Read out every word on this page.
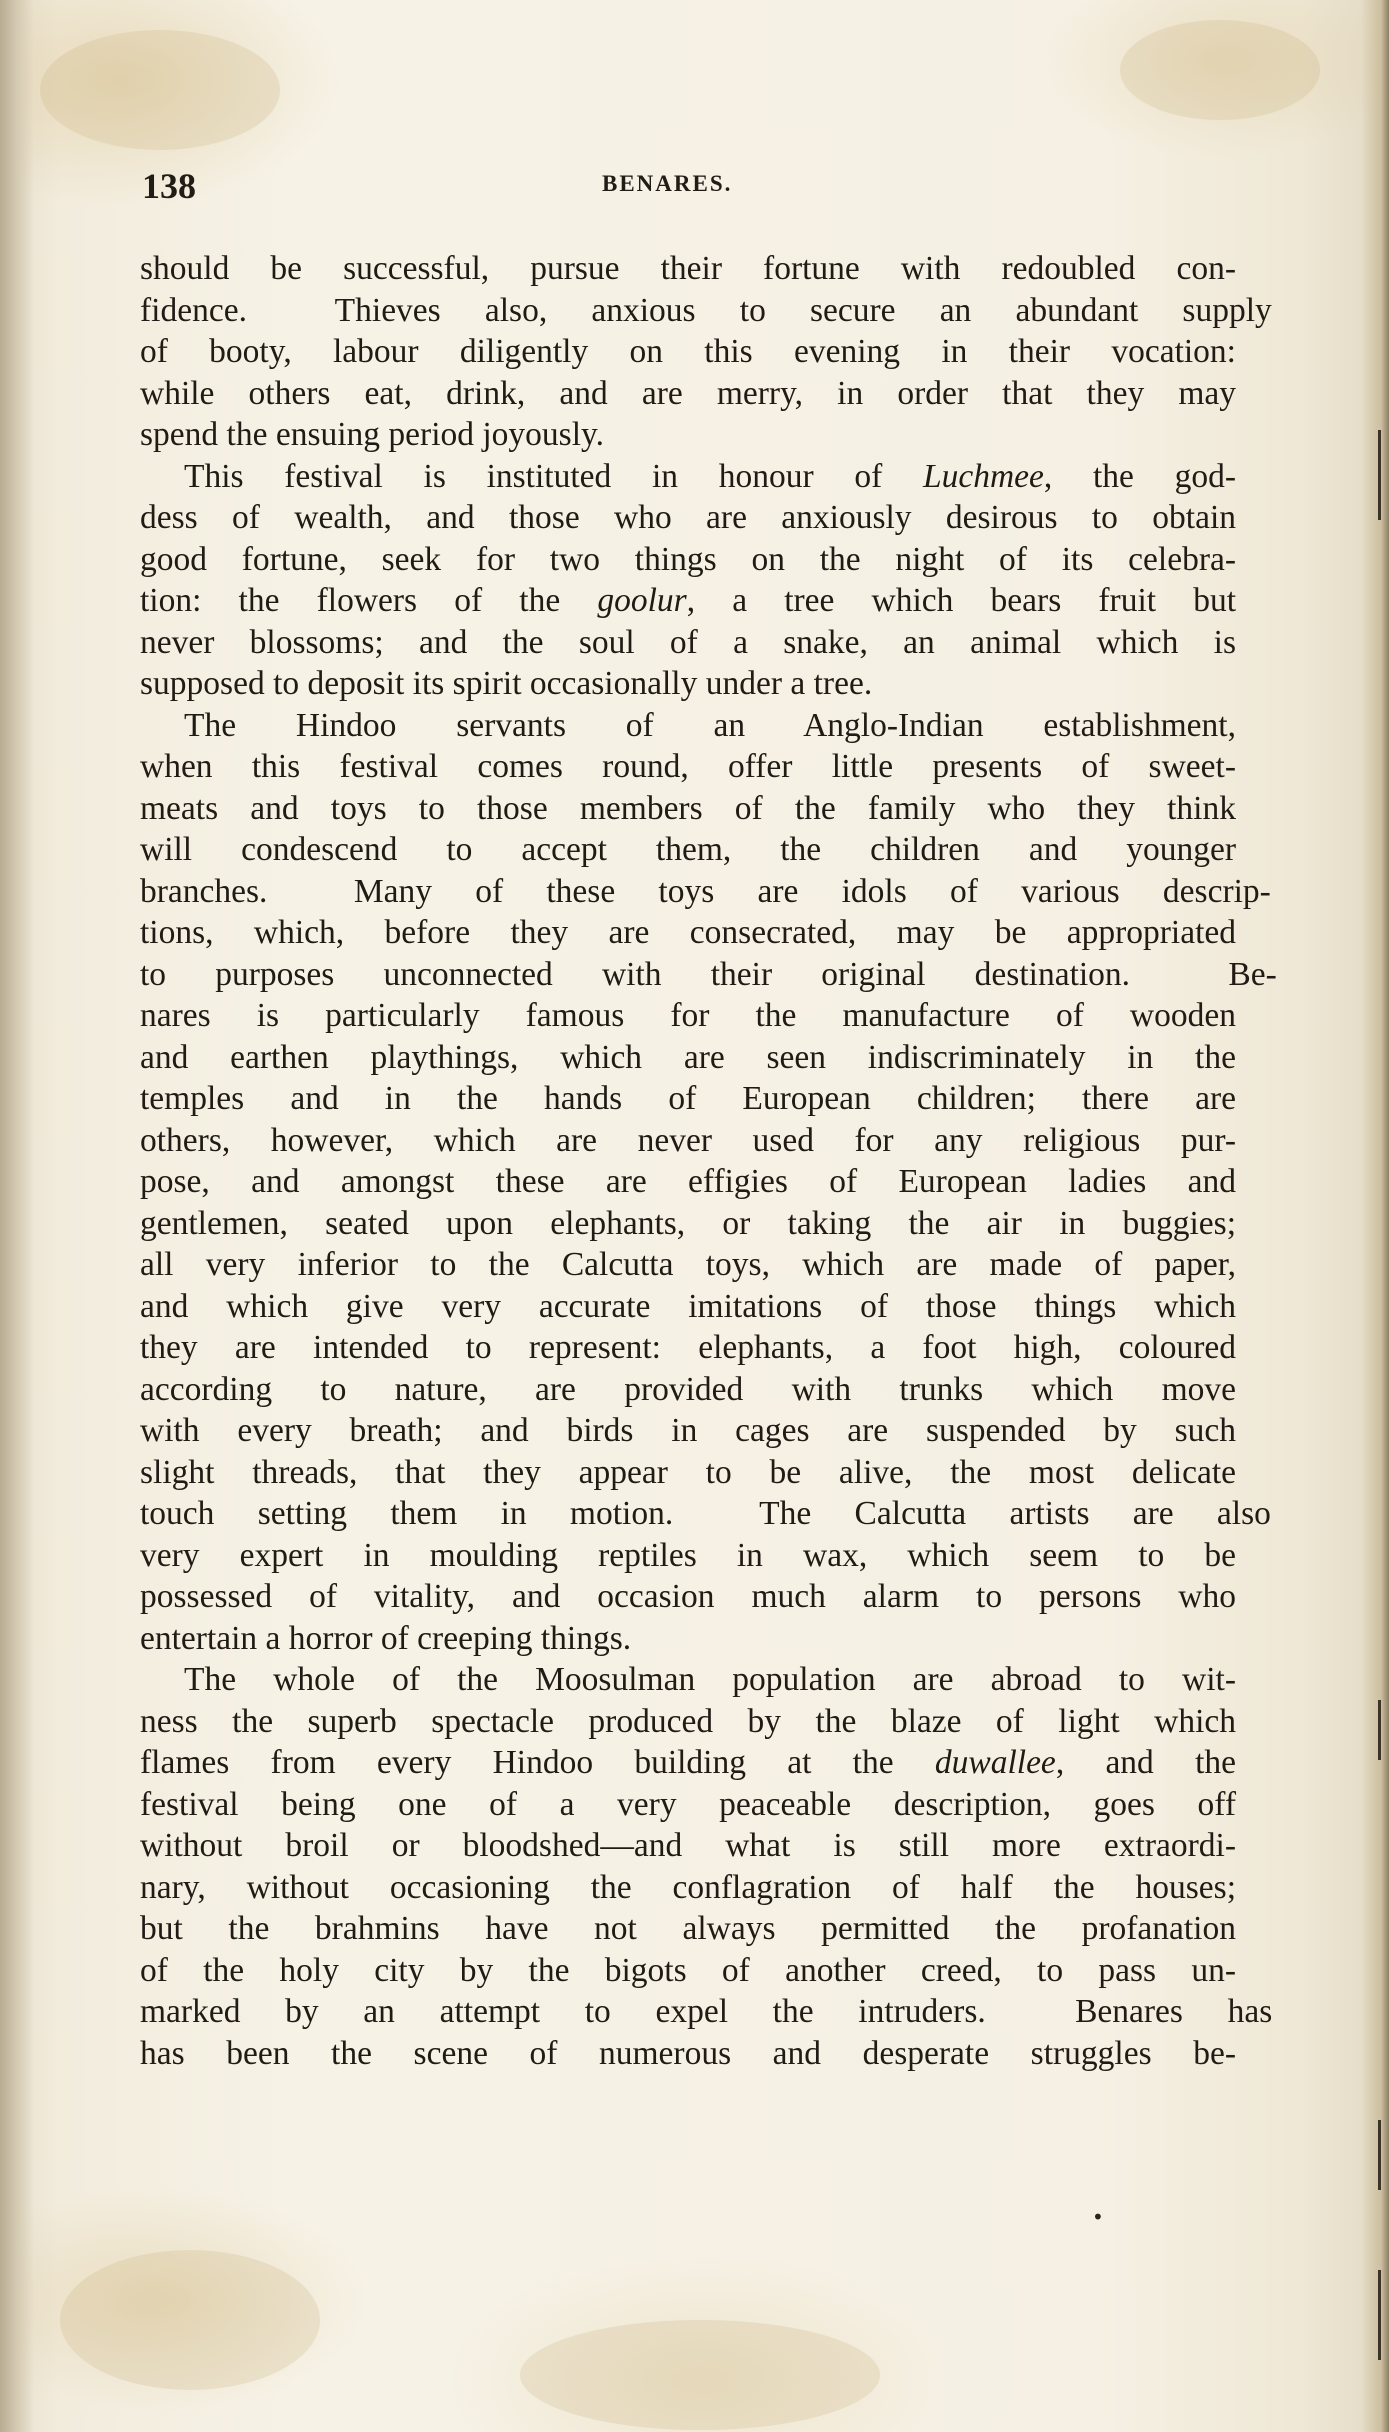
138	BENARES.
should be successful, pursue their fortune with redoubled con-
fidence.  Thieves also, anxious to secure an abundant supply
of booty, labour diligently on this evening in their vocation:
while others eat, drink, and are merry, in order that they may
spend the ensuing period joyously.
This festival is instituted in honour of Luchmee, the god-
dess of wealth, and those who are anxiously desirous to obtain
good fortune, seek for two things on the night of its celebra-
tion: the flowers of the goolur, a tree which bears fruit but
never blossoms; and the soul of a snake, an animal which is
supposed to deposit its spirit occasionally under a tree.
The Hindoo servants of an Anglo-Indian establishment,
when this festival comes round, offer little presents of sweet-
meats and toys to those members of the family who they think
will condescend to accept them, the children and younger
branches.  Many of these toys are idols of various descrip-
tions, which, before they are consecrated, may be appropriated
to purposes unconnected with their original destination.  Be-
nares is particularly famous for the manufacture of wooden
and earthen playthings, which are seen indiscriminately in the
temples and in the hands of European children; there are
others, however, which are never used for any religious pur-
pose, and amongst these are effigies of European ladies and
gentlemen, seated upon elephants, or taking the air in buggies;
all very inferior to the Calcutta toys, which are made of paper,
and which give very accurate imitations of those things which
they are intended to represent: elephants, a foot high, coloured
according to nature, are provided with trunks which move
with every breath; and birds in cages are suspended by such
slight threads, that they appear to be alive, the most delicate
touch setting them in motion.  The Calcutta artists are also
very expert in moulding reptiles in wax, which seem to be
possessed of vitality, and occasion much alarm to persons who
entertain a horror of creeping things.
The whole of the Moosulman population are abroad to wit-
ness the superb spectacle produced by the blaze of light which
flames from every Hindoo building at the duwallee, and the
festival being one of a very peaceable description, goes off
without broil or bloodshed—and what is still more extraordi-
nary, without occasioning the conflagration of half the houses;
but the brahmins have not always permitted the profanation
of the holy city by the bigots of another creed, to pass un-
marked by an attempt to expel the intruders.  Benares has
has been the scene of numerous and desperate struggles be-
•
